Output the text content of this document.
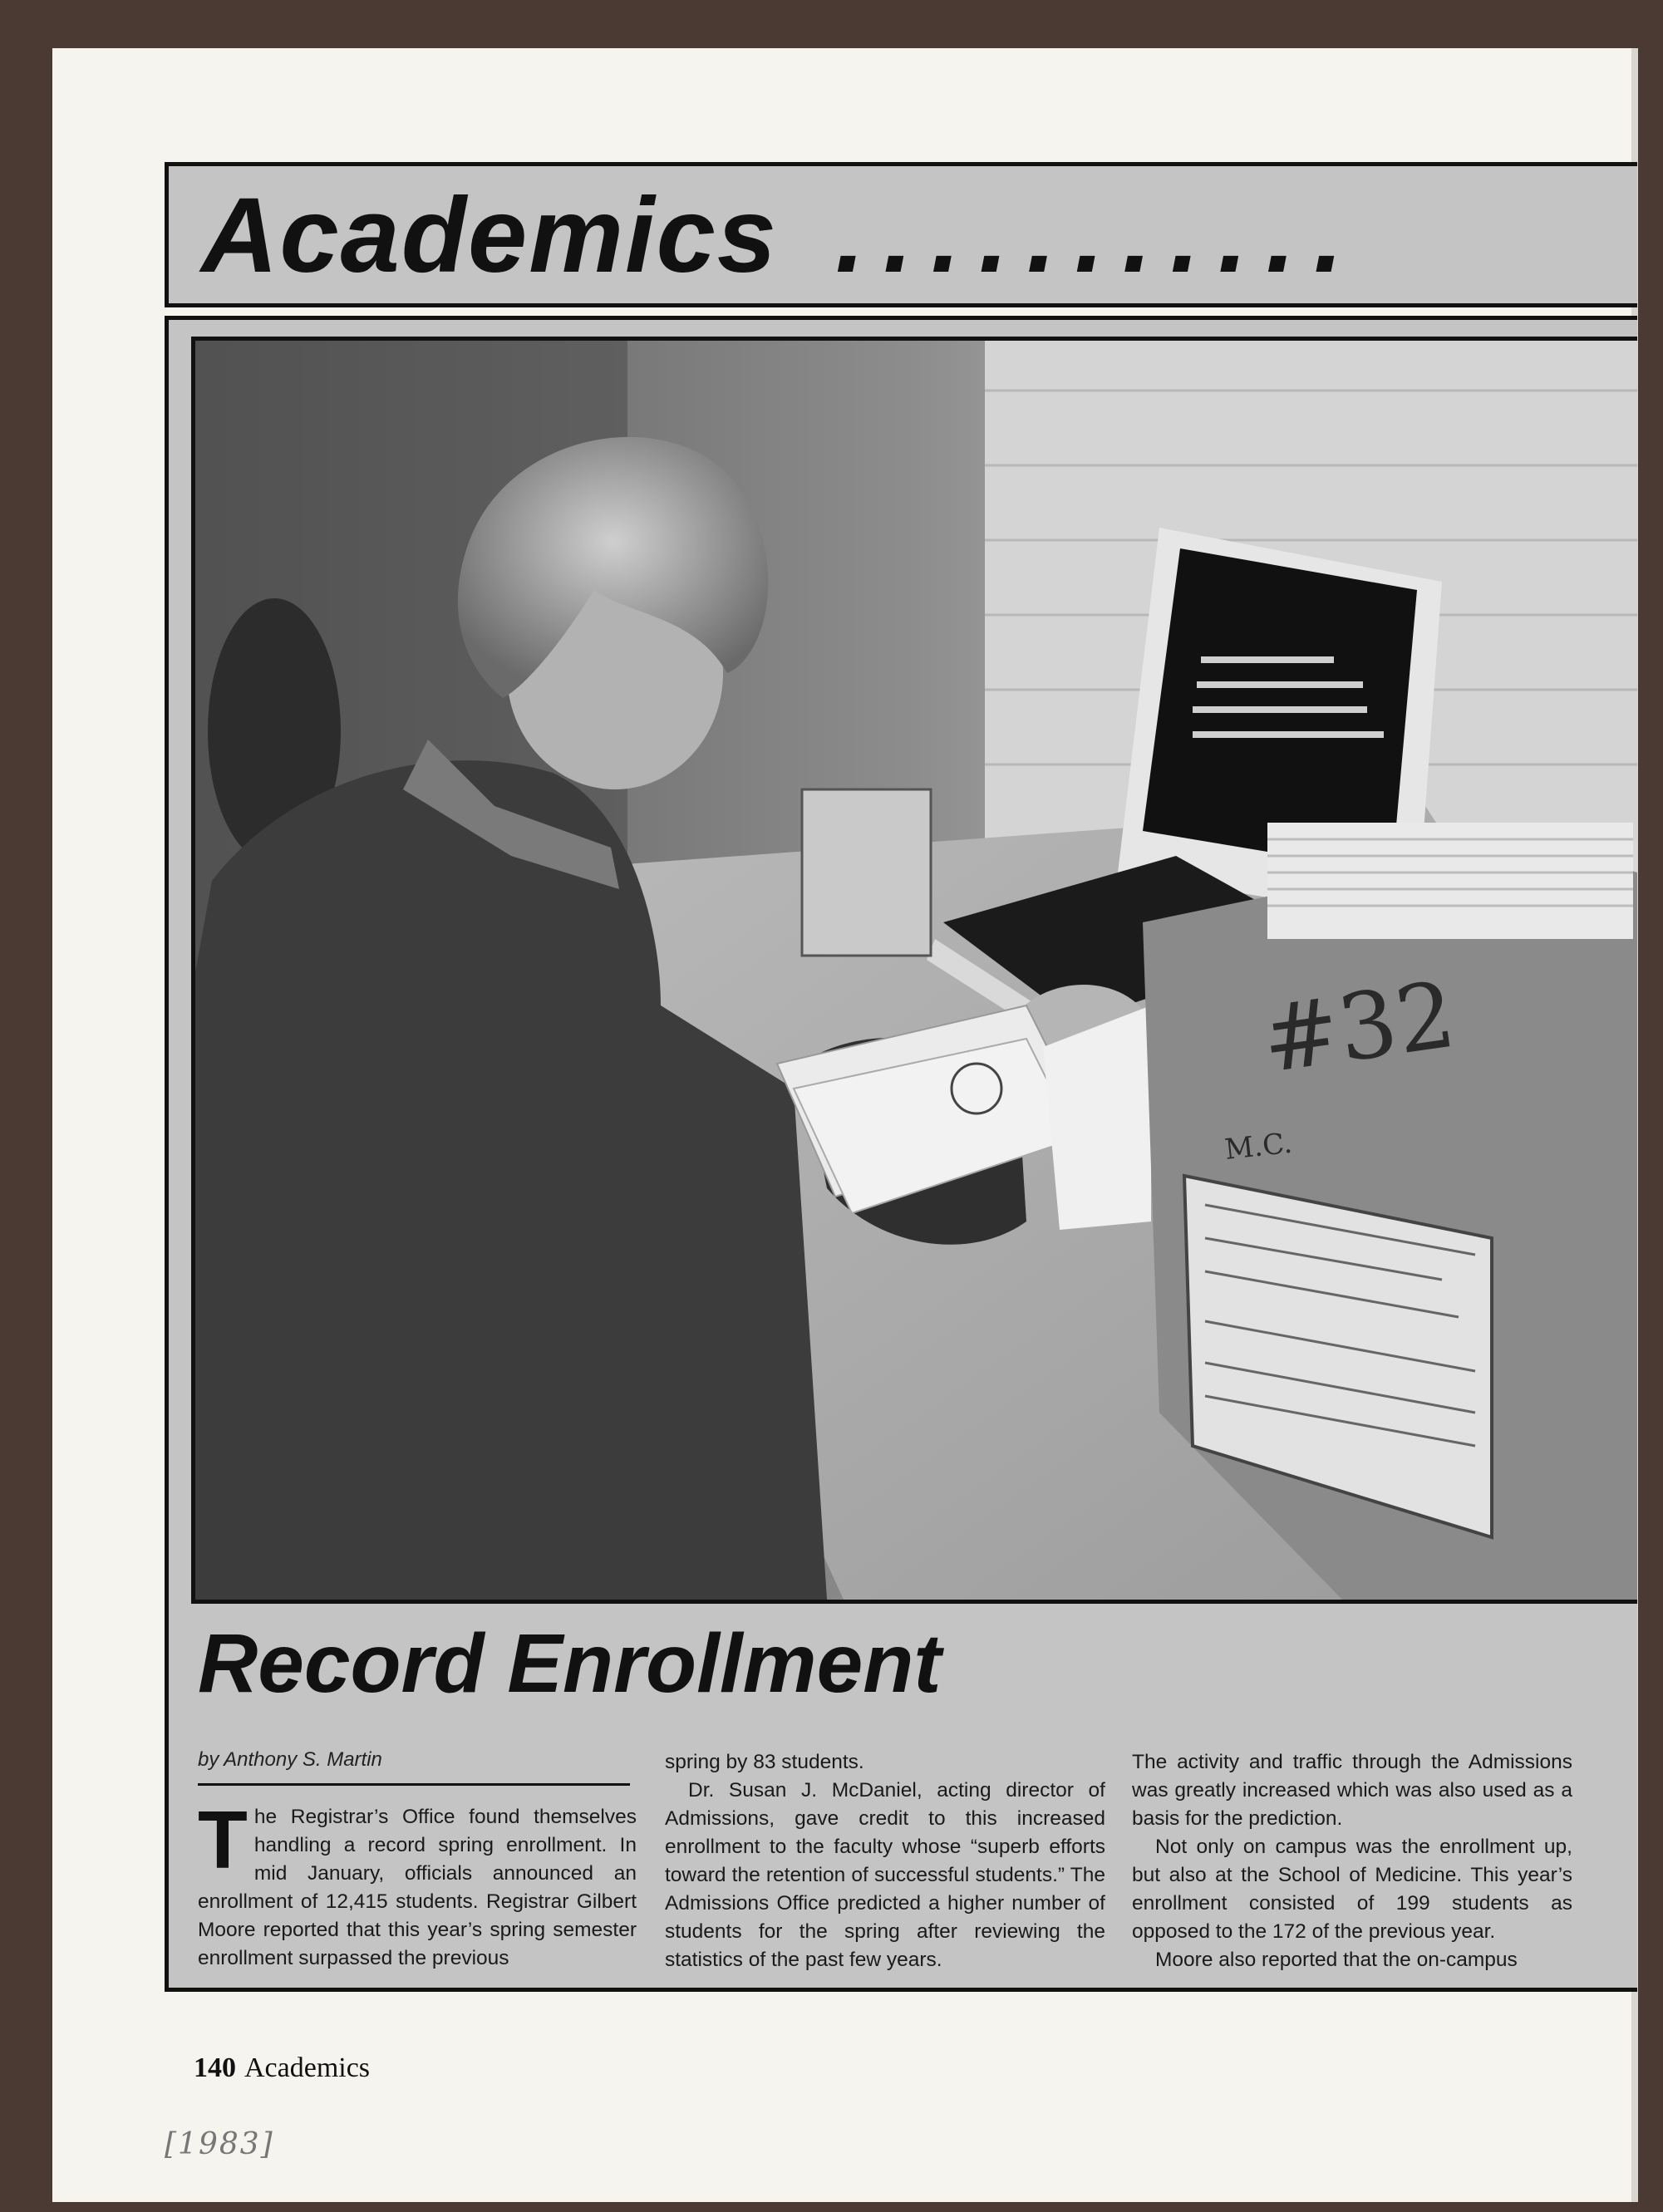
Academics ...........
#32
M.C.
Record Enrollment
by Anthony S. Martin

The Registrar’s Office found themselves handling a record spring enrollment. In mid January, officials announced an enrollment of 12,415 students. Registrar Gilbert Moore reported that this year’s spring semester enrollment surpassed the previous

spring by 83 students.

Dr. Susan J. McDaniel, acting director of Admissions, gave credit to this increased enrollment to the faculty whose “superb efforts toward the retention of successful students.” The Admissions Office predicted a higher number of students for the spring after reviewing the statistics of the past few years.

The activity and traffic through the Admissions was greatly increased which was also used as a basis for the prediction.

Not only on campus was the enrollment up, but also at the School of Medicine. This year’s enrollment consisted of 199 students as opposed to the 172 of the previous year.

Moore also reported that the on-campus

140 Academics
[1983]
